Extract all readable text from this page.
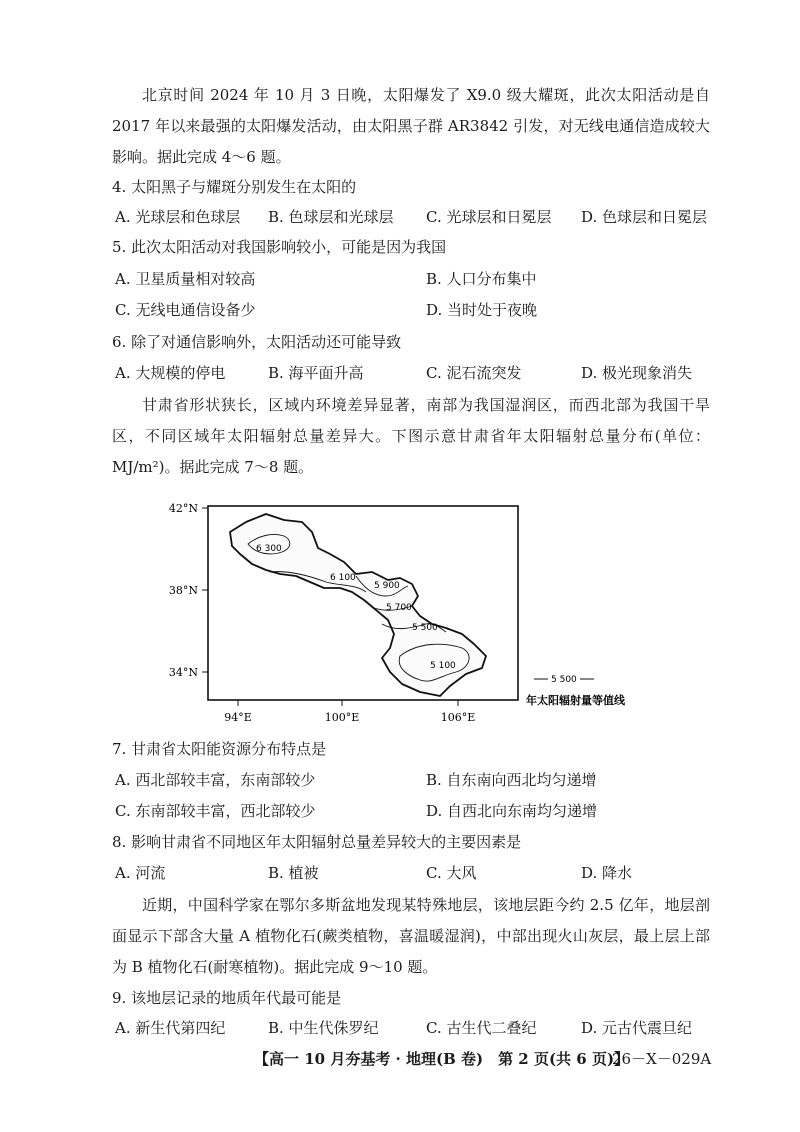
北京时间 2024 年 10 月 3 日晚，太阳爆发了 X9.0 级大耀斑，此次太阳活动是自 2017 年以来最强的太阳爆发活动，由太阳黑子群 AR3842 引发，对无线电通信造成较大影响。据此完成 4～6 题。
4. 太阳黑子与耀斑分别发生在太阳的
A. 光球层和色球层 B. 色球层和光球层 C. 光球层和日冕层 D. 色球层和日冕层
5. 此次太阳活动对我国影响较小，可能是因为我国
A. 卫星质量相对较高	B. 人口分布集中
C. 无线电通信设备少	D. 当时处于夜晚
6. 除了对通信影响外，太阳活动还可能导致
A. 大规模的停电	B. 海平面升高	C. 泥石流突发	D. 极光现象消失
甘肃省形状狭长，区域内环境差异显著，南部为我国湿润区，而西北部为我国干旱区，不同区域年太阳辐射总量差异大。下图示意甘肃省年太阳辐射总量分布(单位：MJ/m²)。据此完成 7～8 题。
42°N
38°N
34°N
94°E	100°E	106°E
6 300
6 100
5 900
5 700
5 500
5 100
5 500
年太阳辐射量等值线
7. 甘肃省太阳能资源分布特点是
A. 西北部较丰富，东南部较少	B. 自东南向西北均匀递增
C. 东南部较丰富，西北部较少	D. 自西北向东南均匀递增
8. 影响甘肃省不同地区年太阳辐射总量差异较大的主要因素是
A. 河流	B. 植被	C. 大风	D. 降水
近期，中国科学家在鄂尔多斯盆地发现某特殊地层，该地层距今约 2.5 亿年，地层剖面显示下部含大量 A 植物化石(蕨类植物，喜温暖湿润)，中部出现火山灰层，最上层上部为 B 植物化石(耐寒植物)。据此完成 9～10 题。
9. 该地层记录的地质年代最可能是
A. 新生代第四纪	B. 中生代侏罗纪	C. 古生代二叠纪	D. 元古代震旦纪
【高一 10 月夯基考 · 地理(B 卷)　第 2 页(共 6 页)】
26－X－029A
